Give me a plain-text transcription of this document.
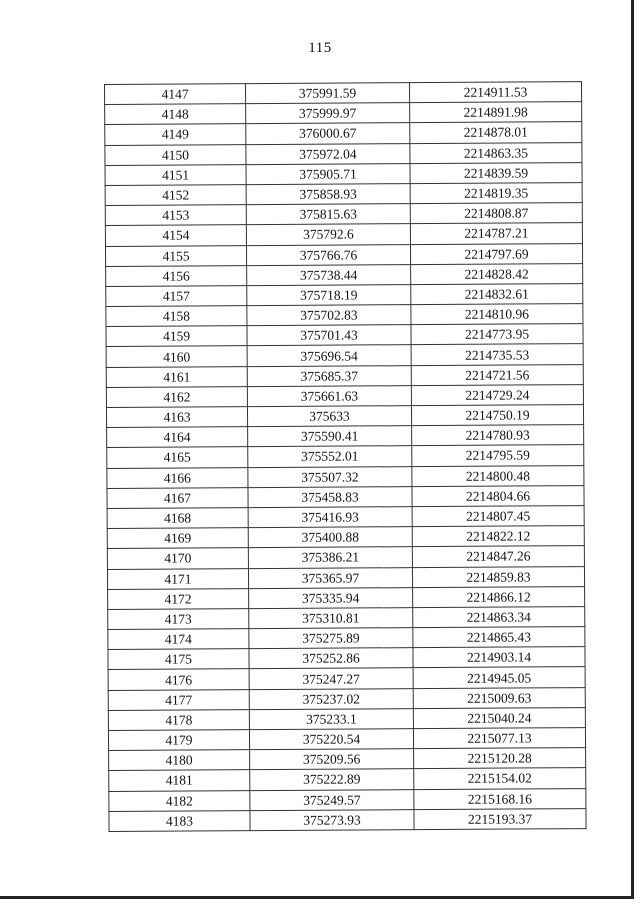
115
4147	375991.59	2214911.53
4148	375999.97	2214891.98
4149	376000.67	2214878.01
4150	375972.04	2214863.35
4151	375905.71	2214839.59
4152	375858.93	2214819.35
4153	375815.63	2214808.87
4154	375792.6	2214787.21
4155	375766.76	2214797.69
4156	375738.44	2214828.42
4157	375718.19	2214832.61
4158	375702.83	2214810.96
4159	375701.43	2214773.95
4160	375696.54	2214735.53
4161	375685.37	2214721.56
4162	375661.63	2214729.24
4163	375633	2214750.19
4164	375590.41	2214780.93
4165	375552.01	2214795.59
4166	375507.32	2214800.48
4167	375458.83	2214804.66
4168	375416.93	2214807.45
4169	375400.88	2214822.12
4170	375386.21	2214847.26
4171	375365.97	2214859.83
4172	375335.94	2214866.12
4173	375310.81	2214863.34
4174	375275.89	2214865.43
4175	375252.86	2214903.14
4176	375247.27	2214945.05
4177	375237.02	2215009.63
4178	375233.1	2215040.24
4179	375220.54	2215077.13
4180	375209.56	2215120.28
4181	375222.89	2215154.02
4182	375249.57	2215168.16
4183	375273.93	2215193.37
